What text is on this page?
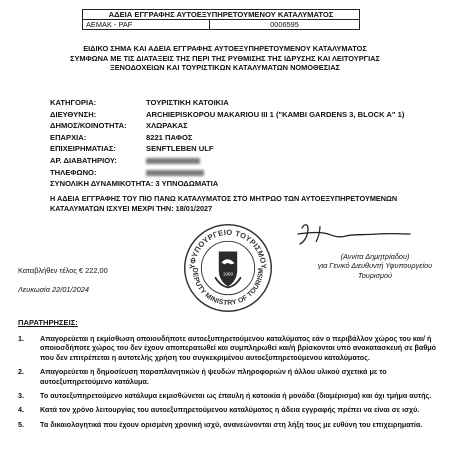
ΑΔΕΙΑ ΕΓΓΡΑΦΗΣ ΑΥΤΟΕΞΥΠΗΡΕΤΟΥΜΕΝΟΥ ΚΑΤΑΛΥΜΑΤΟΣ
ΑΕΜΑΚ - PAF	0006595
ΕΙΔΙΚΟ ΣΗΜΑ ΚΑΙ ΑΔΕΙΑ ΕΓΓΡΑΦΗΣ ΑΥΤΟΕΞΥΠΗΡΕΤΟΥΜΕΝΟΥ ΚΑΤΑΛΥΜΑΤΟΣ
ΣΥΜΦΩΝΑ ΜΕ ΤΙΣ ΔΙΑΤΑΞΕΙΣ ΤΗΣ ΠΕΡΙ ΤΗΣ ΡΥΘΜΙΣΗΣ ΤΗΣ ΙΔΡΥΣΗΣ ΚΑΙ ΛΕΙΤΟΥΡΓΙΑΣ
ΞΕΝΟΔΟΧΕΙΩΝ ΚΑΙ ΤΟΥΡΙΣΤΙΚΩΝ ΚΑΤΑΛΥΜΑΤΩΝ ΝΟΜΟΘΕΣΙΑΣ
ΚΑΤΗΓΟΡΙΑ:	ΤΟΥΡΙΣΤΙΚΗ ΚΑΤΟΙΚΙΑ
ΔΙΕΥΘΥΝΣΗ:	ARCHIEPISKOPOU MAKARIOU III 1 ("KAMBI GARDENS 3, BLOCK A" 1)
ΔΗΜΟΣ/ΚΟΙΝΟΤΗΤΑ:	ΧΛΩΡΑΚΑΣ
ΕΠΑΡΧΙΑ:	8221 ΠΑΦΟΣ
ΕΠΙΧΕΙΡΗΜΑΤΙΑΣ:	SENFTLEBEN ULF
ΑΡ. ΔΙΑΒΑΤΗΡΙΟΥ:
ΤΗΛΕΦΩΝΟ:
ΣΥΝΟΛΙΚΗ ΔΥΝΑΜΙΚΟΤΗΤΑ: 3 ΥΠΝΟΔΩΜΑΤΙΑ
Η ΑΔΕΙΑ ΕΓΓΡΑΦΗΣ ΤΟΥ ΠΙΟ ΠΑΝΩ ΚΑΤΑΛΥΜΑΤΟΣ ΣΤΟ ΜΗΤΡΩΟ ΤΩΝ ΑΥΤΟΕΞΥΠΗΡΕΤΟΥΜΕΝΩΝ
ΚΑΤΑΛΥΜΑΤΩΝ ΙΣΧΥΕΙ ΜΕΧΡΙ ΤΗΝ: 18/01/2027
ΥΦΥΠΟΥΡΓΕΙΟ ΤΟΥΡΙΣΜΟΥ
DEPUTY MINISTRY OF TOURISM
1960
(Αννίτα Δημητρίαδου)
για Γενικό Διευθυντή Υφυπουργείου
Τουρισμού
Καταβλήθεν τέλος € 222,00
Λευκωσία 22/01/2024
ΠΑΡΑΤΗΡΗΣΕΙΣ:
1.	Απαγορεύεται η εκμίσθωση οποιουδήποτε αυτοεξυπηρετούμενου καταλύματος εάν ο περιβάλλον χώρος του και/ ή οποιοσδήποτε χώρος του δεν έχουν αποπερατωθεί και συμπληρωθεί και/ή βρίσκονται υπό ανακατασκευή σε βαθμό που δεν επιτρέπεται η αυτοτελής χρήση του συγκεκριμένου αυτοεξυπηρετούμενου καταλύματος.
2.	Απαγορεύεται η δημοσίευση παραπλανητικών ή ψευδών πληροφοριών ή άλλου υλικού σχετικά με το αυτοεξυπηρετούμενο κατάλυμα.
3.	Το αυτοεξυπηρετούμενο κατάλυμα εκμισθώνεται ως έπαυλη ή κατοικία ή μονάδα (διαμέρισμα) και όχι τμήμα αυτής.
4.	Κατά τον χρόνο λειτουργίας του αυτοεξυπηρετούμενου καταλύματος η άδεια εγγραφής πρέπει να είναι σε ισχύ.
5.	Τα δικαιολογητικά που έχουν ορισμένη χρονική ισχύ, ανανεώνονται στη λήξη τους με ευθύνη του επιχειρηματία.
